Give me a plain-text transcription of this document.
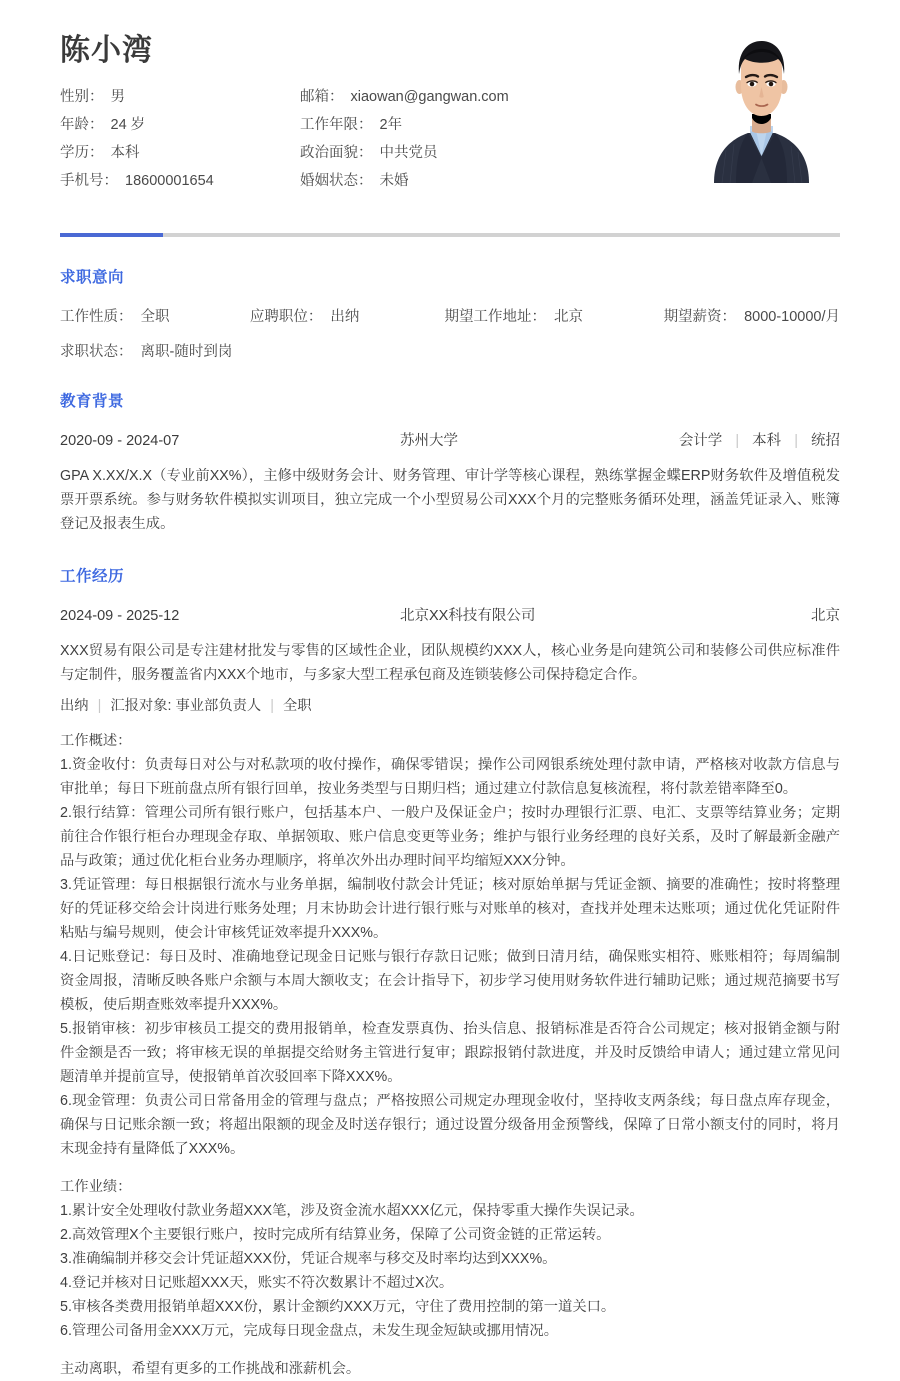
陈小湾
性别： 男	邮箱： xiaowan@gangwan.com
年龄： 24 岁	工作年限： 2年
学历： 本科	政治面貌： 中共党员
手机号： 18600001654	婚姻状态： 未婚
求职意向
工作性质： 全职	应聘职位： 出纳	期望工作地址： 北京	期望薪资： 8000-10000/月
求职状态： 离职-随时到岗
教育背景
2020-09 - 2024-07	苏州大学	会计学 | 本科 | 统招

GPA X.XX/X.X（专业前XX%），主修中级财务会计、财务管理、审计学等核心课程，熟练掌握金蝶ERP财务软件及增值税发票开票系统。参与财务软件模拟实训项目，独立完成一个小型贸易公司XXX个月的完整账务循环处理，涵盖凭证录入、账簿登记及报表生成。

工作经历
2024-09 - 2025-12	北京XX科技有限公司	北京

XXX贸易有限公司是专注建材批发与零售的区域性企业，团队规模约XXX人，核心业务是向建筑公司和装修公司供应标准件与定制件，服务覆盖省内XXX个地市，与多家大型工程承包商及连锁装修公司保持稳定合作。

出纳 | 汇报对象: 事业部负责人 | 全职

工作概述：

1.资金收付：负责每日对公与对私款项的收付操作，确保零错误；操作公司网银系统处理付款申请，严格核对收款方信息与审批单；每日下班前盘点所有银行回单，按业务类型与日期归档；通过建立付款信息复核流程，将付款差错率降至0。

2.银行结算：管理公司所有银行账户，包括基本户、一般户及保证金户；按时办理银行汇票、电汇、支票等结算业务；定期前往合作银行柜台办理现金存取、单据领取、账户信息变更等业务；维护与银行业务经理的良好关系，及时了解最新金融产品与政策；通过优化柜台业务办理顺序，将单次外出办理时间平均缩短XXX分钟。

3.凭证管理：每日根据银行流水与业务单据，编制收付款会计凭证；核对原始单据与凭证金额、摘要的准确性；按时将整理好的凭证移交给会计岗进行账务处理；月末协助会计进行银行账与对账单的核对，查找并处理未达账项；通过优化凭证附件粘贴与编号规则，使会计审核凭证效率提升XXX%。

4.日记账登记：每日及时、准确地登记现金日记账与银行存款日记账；做到日清月结，确保账实相符、账账相符；每周编制资金周报，清晰反映各账户余额与本周大额收支；在会计指导下，初步学习使用财务软件进行辅助记账；通过规范摘要书写模板，使后期查账效率提升XXX%。

5.报销审核：初步审核员工提交的费用报销单，检查发票真伪、抬头信息、报销标准是否符合公司规定；核对报销金额与附件金额是否一致；将审核无误的单据提交给财务主管进行复审；跟踪报销付款进度，并及时反馈给申请人；通过建立常见问题清单并提前宣导，使报销单首次驳回率下降XXX%。

6.现金管理：负责公司日常备用金的管理与盘点；严格按照公司规定办理现金收付，坚持收支两条线；每日盘点库存现金，确保与日记账余额一致；将超出限额的现金及时送存银行；通过设置分级备用金预警线，保障了日常小额支付的同时，将月末现金持有量降低了XXX%。

工作业绩：

1.累计安全处理收付款业务超XXX笔，涉及资金流水超XXX亿元，保持零重大操作失误记录。

2.高效管理X个主要银行账户，按时完成所有结算业务，保障了公司资金链的正常运转。

3.准确编制并移交会计凭证超XXX份，凭证合规率与移交及时率均达到XXX%。

4.登记并核对日记账超XXX天，账实不符次数累计不超过X次。

5.审核各类费用报销单超XXX份，累计金额约XXX万元，守住了费用控制的第一道关口。

6.管理公司备用金XXX万元，完成每日现金盘点，未发生现金短缺或挪用情况。

主动离职，希望有更多的工作挑战和涨薪机会。
